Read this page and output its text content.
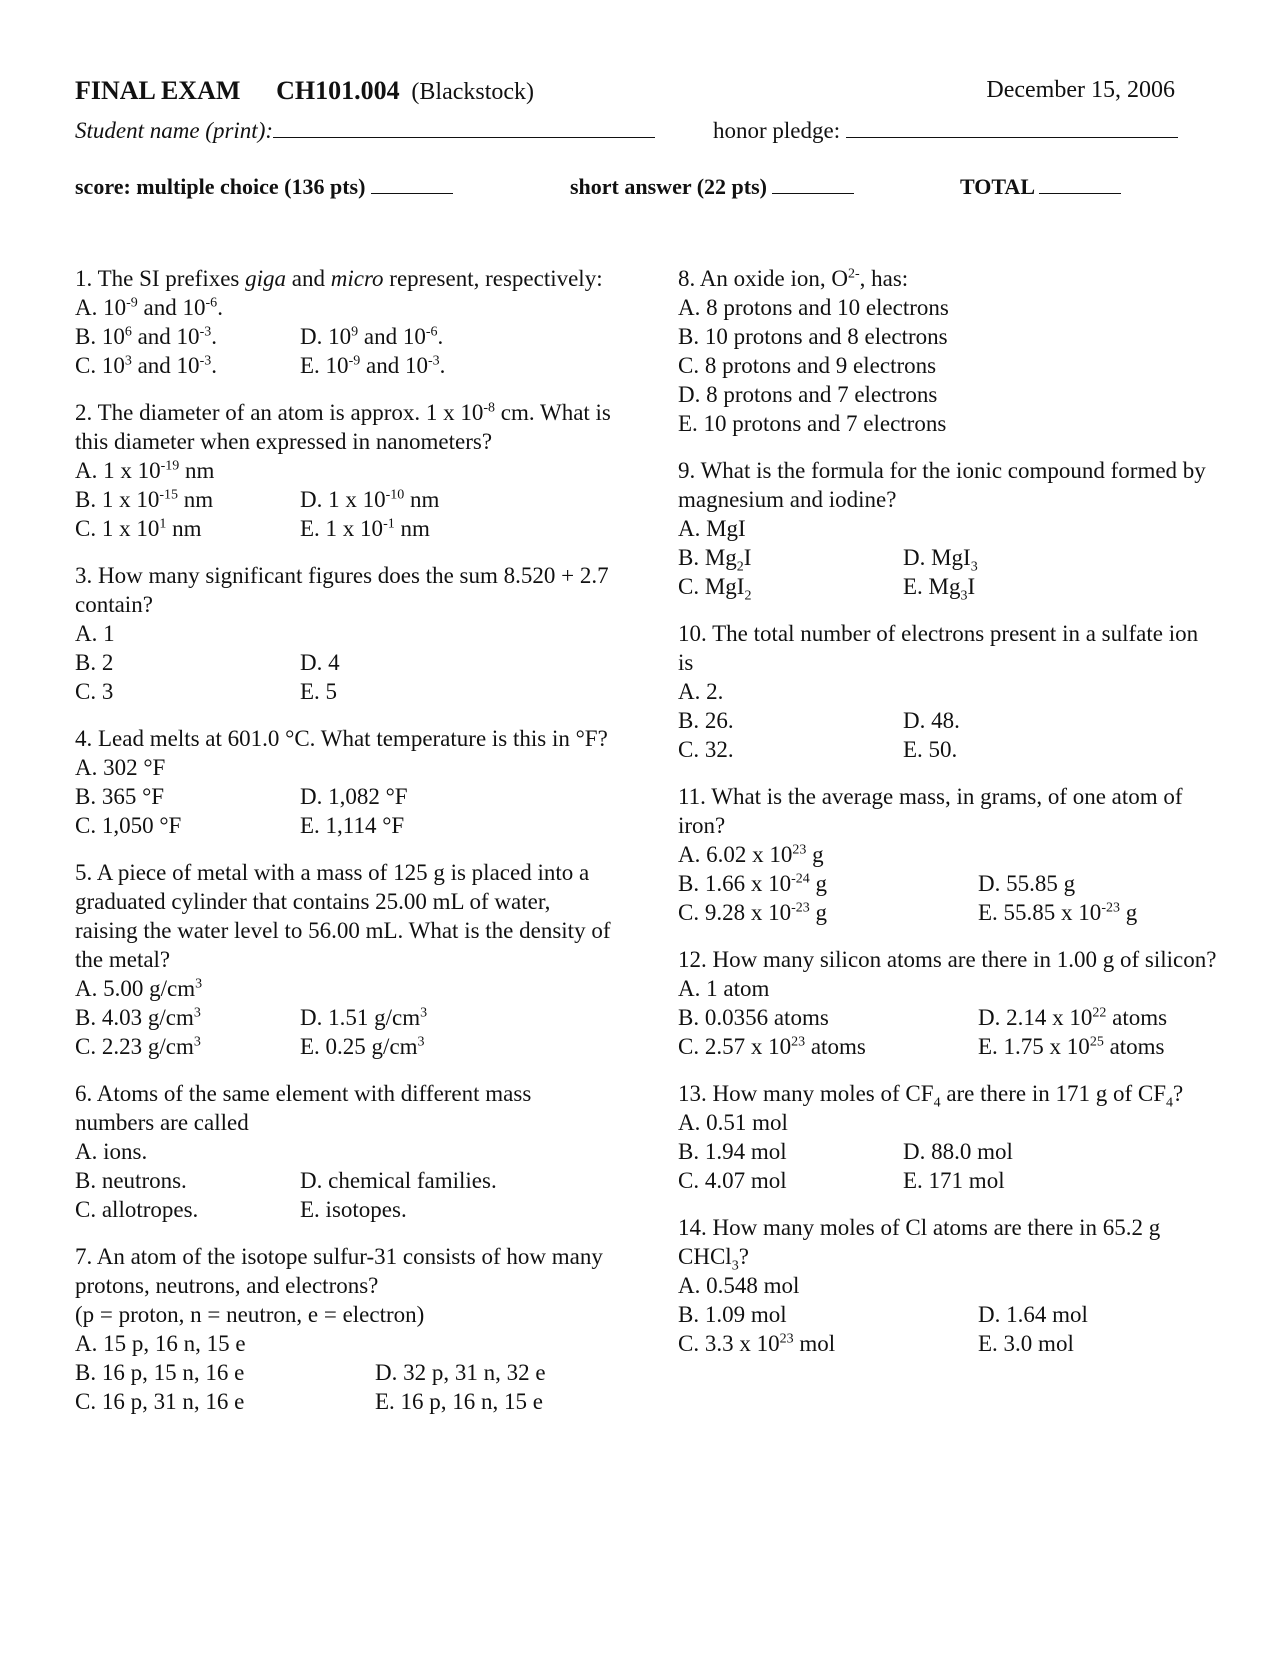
FINAL EXAM CH101.004 (Blackstock)	December 15, 2006
Student name (print):	honor pledge:
score: multiple choice (136 pts)	short answer (22 pts)	TOTAL

1. The SI prefixes giga and micro represent, respectively:

A. $10^{-9}$ and $10^{-6}$.

B. $10^6$ and $10^{-3}$.	D. $10^9$ and $10^{-6}$.
C. $10^3$ and $10^{-3}$.	E. $10^{-9}$ and $10^{-3}$.

2. The diameter of an atom is approx. 1 x $10^{-8}$ cm. What is this diameter when expressed in nanometers?

A. 1 x $10^{-19}$ nm

B. 1 x $10^{-15}$ nm	D. 1 x $10^{-10}$ nm
C. 1 x $10^1$ nm	E. 1 x $10^{-1}$ nm

3. How many significant figures does the sum 8.520 + 2.7 contain?

A. 1

B. 2	D. 4
C. 3	E. 5

4. Lead melts at 601.0 °C. What temperature is this in °F?

A. 302 °F

B. 365 °F	D. 1,082 °F
C. 1,050 °F	E. 1,114 °F

5. A piece of metal with a mass of 125 g is placed into a graduated cylinder that contains 25.00 mL of water, raising the water level to 56.00 mL. What is the density of the metal?

A. 5.00 $g/cm^3$

B. 4.03 $g/cm^3$	D. 1.51 $g/cm^3$
C. 2.23 $g/cm^3$	E. 0.25 $g/cm^3$

6. Atoms of the same element with different mass numbers are called

A. ions.

B. neutrons.	D. chemical families.
C. allotropes.	E. isotopes.

7. An atom of the isotope sulfur-31 consists of how many protons, neutrons, and electrons?

(p = proton, n = neutron, e = electron)

A. 15 p, 16 n, 15 e

B. 16 p, 15 n, 16 e	D. 32 p, 31 n, 32 e
C. 16 p, 31 n, 16 e	E. 16 p, 16 n, 15 e

8. An oxide ion, $O^{2-}$, has:

A. 8 protons and 10 electrons

B. 10 protons and 8 electrons

C. 8 protons and 9 electrons

D. 8 protons and 7 electrons

E. 10 protons and 7 electrons

9. What is the formula for the ionic compound formed by magnesium and iodine?

A. MgI

B. $Mg_2I$	D. MgI$_3$
C. MgI$_2$	E. $Mg_3I$

10. The total number of electrons present in a sulfate ion is

A. 2.

B. 26.	D. 48.
C. 32.	E. 50.

11. What is the average mass, in grams, of one atom of iron?

A. 6.02 x $10^{23}$ g

B. 1.66 x $10^{-24}$ g	D. 55.85 g
C. 9.28 x $10^{-23}$ g	E. 55.85 x $10^{-23}$ g

12. How many silicon atoms are there in 1.00 g of silicon?

A. 1 atom

B. 0.0356 atoms	D. 2.14 x $10^{22}$ atoms
C. 2.57 x $10^{23}$ atoms	E. 1.75 x $10^{25}$ atoms

13. How many moles of $CF_4$ are there in 171 g of $CF_4$?

A. 0.51 mol

B. 1.94 mol	D. 88.0 mol
C. 4.07 mol	E. 171 mol

14. How many moles of Cl atoms are there in 65.2 g CHCl$_3$?

A. 0.548 mol

B. 1.09 mol	D. 1.64 mol
C. 3.3 x $10^{23}$ mol	E. 3.0 mol
